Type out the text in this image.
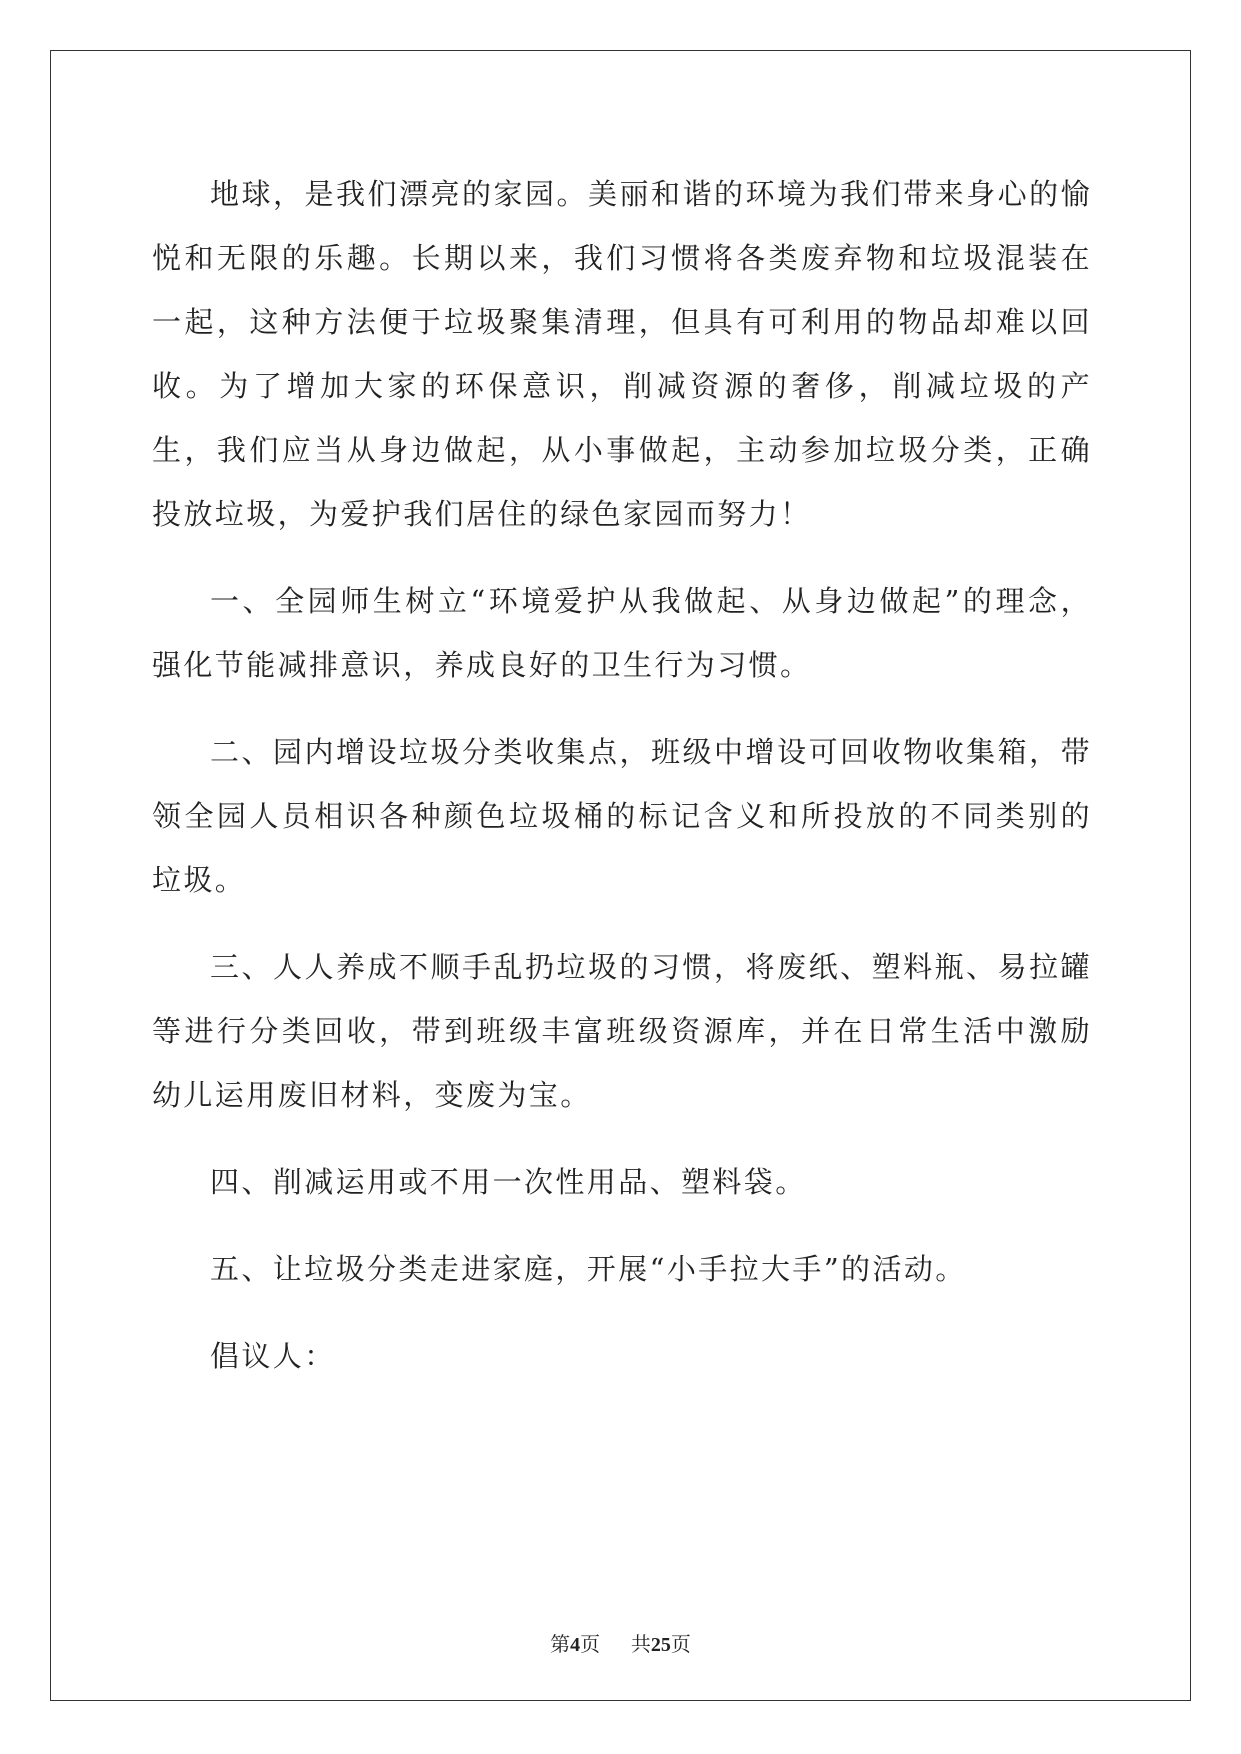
地球，是我们漂亮的家园。美丽和谐的环境为我们带来身心的愉悦和无限的乐趣。长期以来，我们习惯将各类废弃物和垃圾混装在一起，这种方法便于垃圾聚集清理，但具有可利用的物品却难以回收。为了增加大家的环保意识，削减资源的奢侈，削减垃圾的产生，我们应当从身边做起，从小事做起，主动参加垃圾分类，正确投放垃圾，为爱护我们居住的绿色家园而努力！

一、全园师生树立“环境爱护从我做起、从身边做起”的理念，强化节能减排意识，养成良好的卫生行为习惯。

二、园内增设垃圾分类收集点，班级中增设可回收物收集箱，带领全园人员相识各种颜色垃圾桶的标记含义和所投放的不同类别的垃圾。

三、人人养成不顺手乱扔垃圾的习惯，将废纸、塑料瓶、易拉罐等进行分类回收，带到班级丰富班级资源库，并在日常生活中激励幼儿运用废旧材料，变废为宝。

四、削减运用或不用一次性用品、塑料袋。

五、让垃圾分类走进家庭，开展“小手拉大手”的活动。

倡议人：

第4页 共25页
